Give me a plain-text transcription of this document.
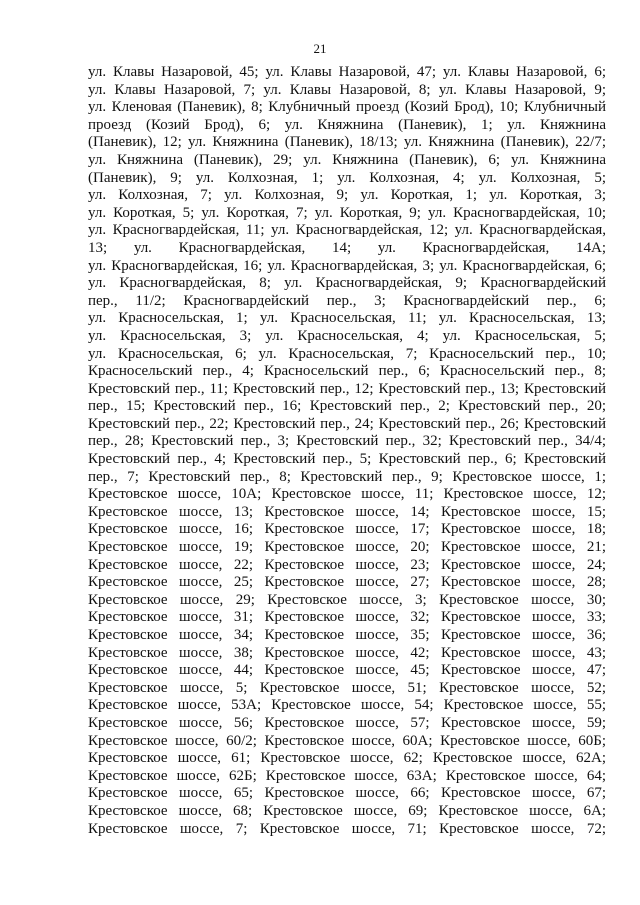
21
ул. Клавы Назаровой, 45; ул. Клавы Назаровой, 47; ул. Клавы Назаровой, 6;
ул. Клавы Назаровой, 7; ул. Клавы Назаровой, 8; ул. Клавы Назаровой, 9;
ул. Кленовая (Паневик), 8; Клубничный проезд (Козий Брод), 10; Клубничный
проезд (Козий Брод), 6; ул. Княжнина (Паневик), 1; ул. Княжнина
(Паневик), 12; ул. Княжнина (Паневик), 18/13; ул. Княжнина (Паневик), 22/7;
ул. Княжнина (Паневик), 29; ул. Княжнина (Паневик), 6; ул. Княжнина
(Паневик), 9; ул. Колхозная, 1; ул. Колхозная, 4; ул. Колхозная, 5;
ул. Колхозная, 7; ул. Колхозная, 9; ул. Короткая, 1; ул. Короткая, 3;
ул. Короткая, 5; ул. Короткая, 7; ул. Короткая, 9; ул. Красногвардейская, 10;
ул. Красногвардейская, 11; ул. Красногвардейская, 12; ул. Красногвардейская,
13; ул. Красногвардейская, 14; ул. Красногвардейская, 14А;
ул. Красногвардейская, 16; ул. Красногвардейская, 3; ул. Красногвардейская, 6;
ул. Красногвардейская, 8; ул. Красногвардейская, 9; Красногвардейский
пер., 11/2; Красногвардейский пер., 3; Красногвардейский пер., 6;
ул. Красносельская, 1; ул. Красносельская, 11; ул. Красносельская, 13;
ул. Красносельская, 3; ул. Красносельская, 4; ул. Красносельская, 5;
ул. Красносельская, 6; ул. Красносельская, 7; Красносельский пер., 10;
Красносельский пер., 4; Красносельский пер., 6; Красносельский пер., 8;
Крестовский пер., 11; Крестовский пер., 12; Крестовский пер., 13; Крестовский
пер., 15; Крестовский пер., 16; Крестовский пер., 2; Крестовский пер., 20;
Крестовский пер., 22; Крестовский пер., 24; Крестовский пер., 26; Крестовский
пер., 28; Крестовский пер., 3; Крестовский пер., 32; Крестовский пер., 34/4;
Крестовский пер., 4; Крестовский пер., 5; Крестовский пер., 6; Крестовский
пер., 7; Крестовский пер., 8; Крестовский пер., 9; Крестовское шоссе, 1;
Крестовское шоссе, 10А; Крестовское шоссе, 11; Крестовское шоссе, 12;
Крестовское шоссе, 13; Крестовское шоссе, 14; Крестовское шоссе, 15;
Крестовское шоссе, 16; Крестовское шоссе, 17; Крестовское шоссе, 18;
Крестовское шоссе, 19; Крестовское шоссе, 20; Крестовское шоссе, 21;
Крестовское шоссе, 22; Крестовское шоссе, 23; Крестовское шоссе, 24;
Крестовское шоссе, 25; Крестовское шоссе, 27; Крестовское шоссе, 28;
Крестовское шоссе, 29; Крестовское шоссе, 3; Крестовское шоссе, 30;
Крестовское шоссе, 31; Крестовское шоссе, 32; Крестовское шоссе, 33;
Крестовское шоссе, 34; Крестовское шоссе, 35; Крестовское шоссе, 36;
Крестовское шоссе, 38; Крестовское шоссе, 42; Крестовское шоссе, 43;
Крестовское шоссе, 44; Крестовское шоссе, 45; Крестовское шоссе, 47;
Крестовское шоссе, 5; Крестовское шоссе, 51; Крестовское шоссе, 52;
Крестовское шоссе, 53А; Крестовское шоссе, 54; Крестовское шоссе, 55;
Крестовское шоссе, 56; Крестовское шоссе, 57; Крестовское шоссе, 59;
Крестовское шоссе, 60/2; Крестовское шоссе, 60А; Крестовское шоссе, 60Б;
Крестовское шоссе, 61; Крестовское шоссе, 62; Крестовское шоссе, 62А;
Крестовское шоссе, 62Б; Крестовское шоссе, 63А; Крестовское шоссе, 64;
Крестовское шоссе, 65; Крестовское шоссе, 66; Крестовское шоссе, 67;
Крестовское шоссе, 68; Крестовское шоссе, 69; Крестовское шоссе, 6А;
Крестовское шоссе, 7; Крестовское шоссе, 71; Крестовское шоссе, 72;
